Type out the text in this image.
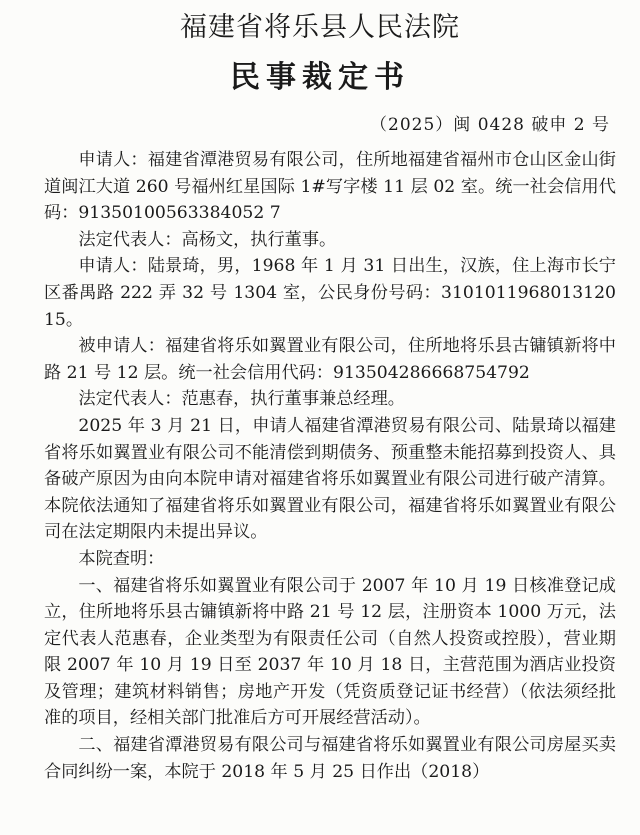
福建省将乐县人民法院
民事裁定书
（2025）闽 0428 破申 2 号

申请人：福建省潭港贸易有限公司，住所地福建省福州市仓山区金山街道闽江大道 260 号福州红星国际 1#写字楼 11 层 02 室。统一社会信用代码：91350100563384052 7

法定代表人：高杨文，执行董事。

申请人：陆景琦，男，1968 年 1 月 31 日出生，汉族，住上海市长宁区番禺路 222 弄 32 号 1304 室，公民身份号码：310101196801312015。

被申请人：福建省将乐如翼置业有限公司，住所地将乐县古镛镇新将中路 21 号 12 层。统一社会信用代码：913504286668754792

法定代表人：范惠春，执行董事兼总经理。

2025 年 3 月 21 日，申请人福建省潭港贸易有限公司、陆景琦以福建省将乐如翼置业有限公司不能清偿到期债务、预重整未能招募到投资人、具备破产原因为由向本院申请对福建省将乐如翼置业有限公司进行破产清算。本院依法通知了福建省将乐如翼置业有限公司，福建省将乐如翼置业有限公司在法定期限内未提出异议。

本院查明：

一、福建省将乐如翼置业有限公司于 2007 年 10 月 19 日核准登记成立，住所地将乐县古镛镇新将中路 21 号 12 层，注册资本 1000 万元，法定代表人范惠春，企业类型为有限责任公司（自然人投资或控股），营业期限 2007 年 10 月 19 日至 2037 年 10 月 18 日，主营范围为酒店业投资及管理；建筑材料销售；房地产开发（凭资质登记证书经营）（依法须经批准的项目，经相关部门批准后方可开展经营活动）。

二、福建省潭港贸易有限公司与福建省将乐如翼置业有限公司房屋买卖合同纠纷一案，本院于 2018 年 5 月 25 日作出（2018）
